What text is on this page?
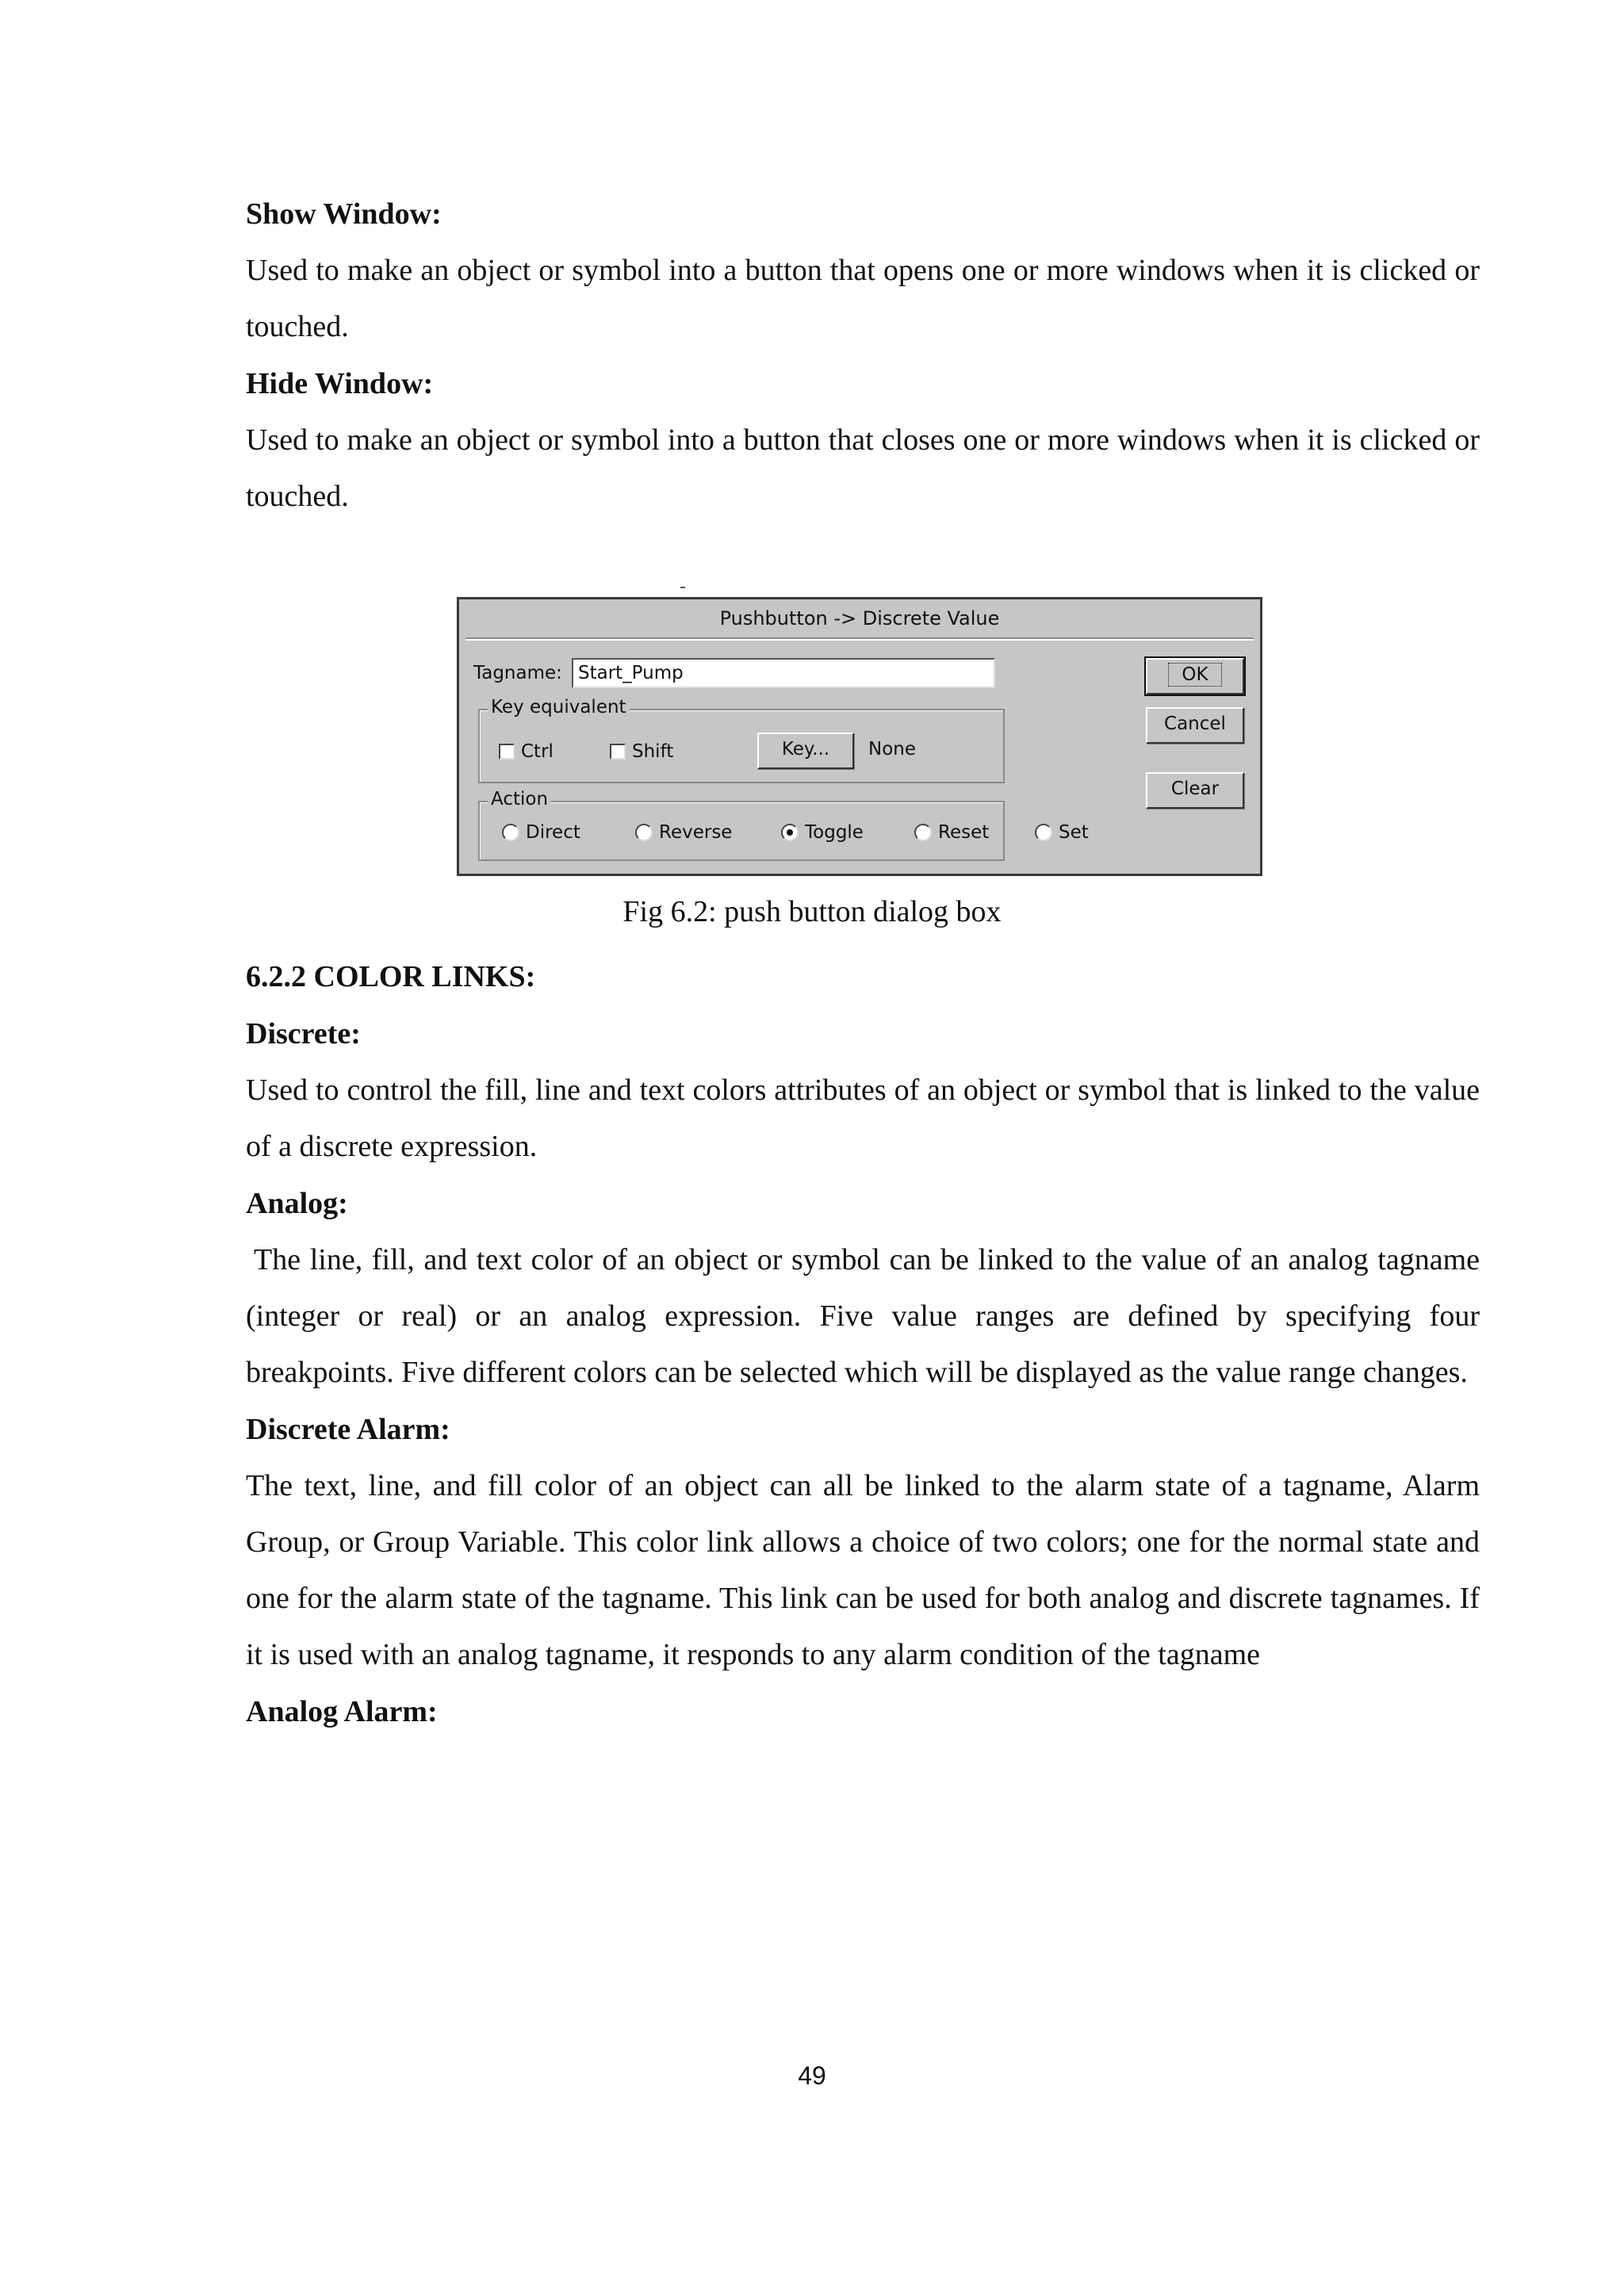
Show Window:

Used to make an object or symbol into a button that opens one or more windows when it is clicked or touched.

Hide Window:

Used to make an object or symbol into a button that closes one or more windows when it is clicked or touched.

Pushbutton -> Discrete Value
Tagname: Start_Pump
Key equivalent
Ctrl	Shift	Key...	None
Action
Direct	Reverse	Toggle	Reset	Set
OK
Cancel
Clear
Fig 6.2: push button dialog box

6.2.2 COLOR LINKS:

Discrete:

Used to control the fill, line and text colors attributes of an object or symbol that is linked to the value of a discrete expression.

Analog:

The line, fill, and text color of an object or symbol can be linked to the value of an analog tagname (integer or real) or an analog expression. Five value ranges are defined by specifying four breakpoints. Five different colors can be selected which will be displayed as the value range changes.

Discrete Alarm:

The text, line, and fill color of an object can all be linked to the alarm state of a tagname, Alarm Group, or Group Variable. This color link allows a choice of two colors; one for the normal state and one for the alarm state of the tagname. This link can be used for both analog and discrete tagnames. If it is used with an analog tagname, it responds to any alarm condition of the tagname

Analog Alarm:

49
